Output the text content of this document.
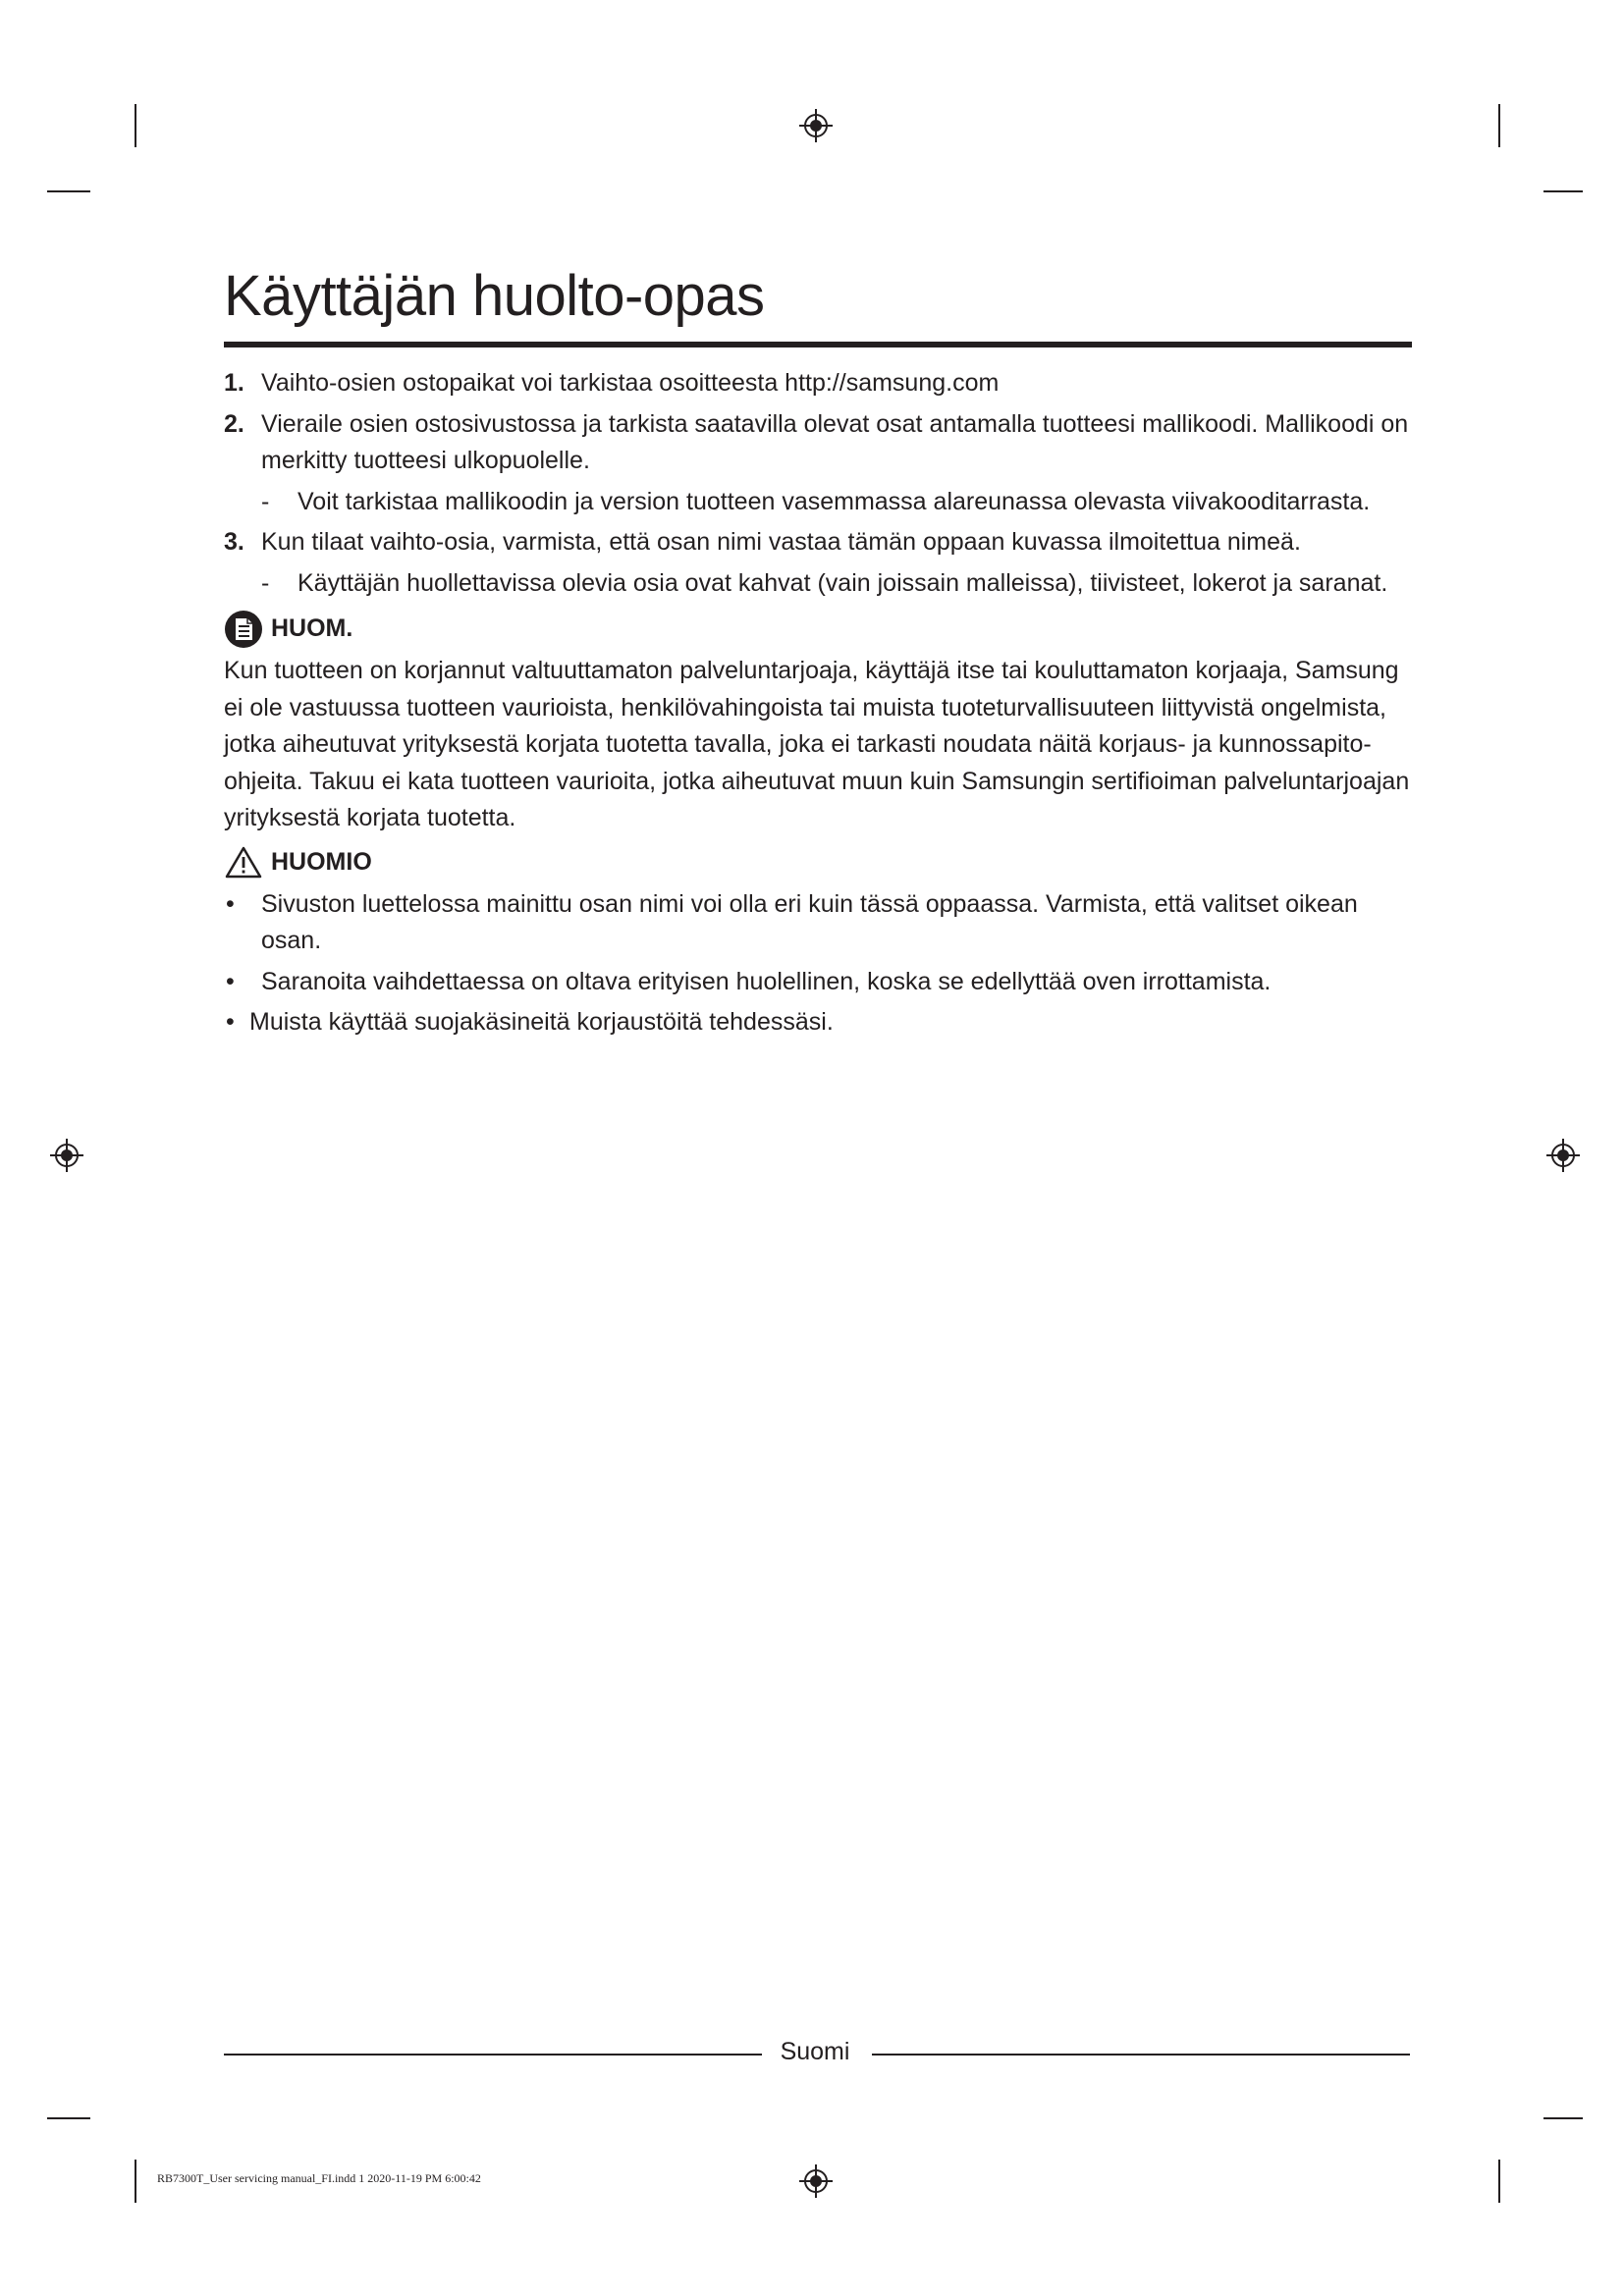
Käyttäjän huolto-opas
1. Vaihto-osien ostopaikat voi tarkistaa osoitteesta http://samsung.com
2. Vieraile osien ostosivustossa ja tarkista saatavilla olevat osat antamalla tuotteesi mallikoodi. Mallikoodi on merkitty tuotteesi ulkopuolelle.
- Voit tarkistaa mallikoodin ja version tuotteen vasemmassa alareunassa olevasta viivakooditarrasta.
3. Kun tilaat vaihto-osia, varmista, että osan nimi vastaa tämän oppaan kuvassa ilmoitettua nimeä.
- Käyttäjän huollettavissa olevia osia ovat kahvat (vain joissain malleissa), tiivisteet, lokerot ja saranat.
HUOM.
Kun tuotteen on korjannut valtuuttamaton palveluntarjoaja, käyttäjä itse tai kouluttamaton korjaaja, Samsung ei ole vastuussa tuotteen vaurioista, henkilövahingoista tai muista tuoteturvallisuuteen liittyvistä ongelmista, jotka aiheutuvat yrityksestä korjata tuotetta tavalla, joka ei tarkasti noudata näitä korjaus- ja kunnossapito-ohjeita. Takuu ei kata tuotteen vaurioita, jotka aiheutuvat muun kuin Samsungin sertifioiman palveluntarjoajan yrityksestä korjata tuotetta.
HUOMIO
• Sivuston luettelossa mainittu osan nimi voi olla eri kuin tässä oppaassa. Varmista, että valitset oikean osan.
• Saranoita vaihdettaessa on oltava erityisen huolellinen, koska se edellyttää oven irrottamista.
• Muista käyttää suojakäsineitä korjaustöitä tehdessäsi.
Suomi
RB7300T_User servicing manual_FI.indd 1 2020-11-19 PM 6:00:42
